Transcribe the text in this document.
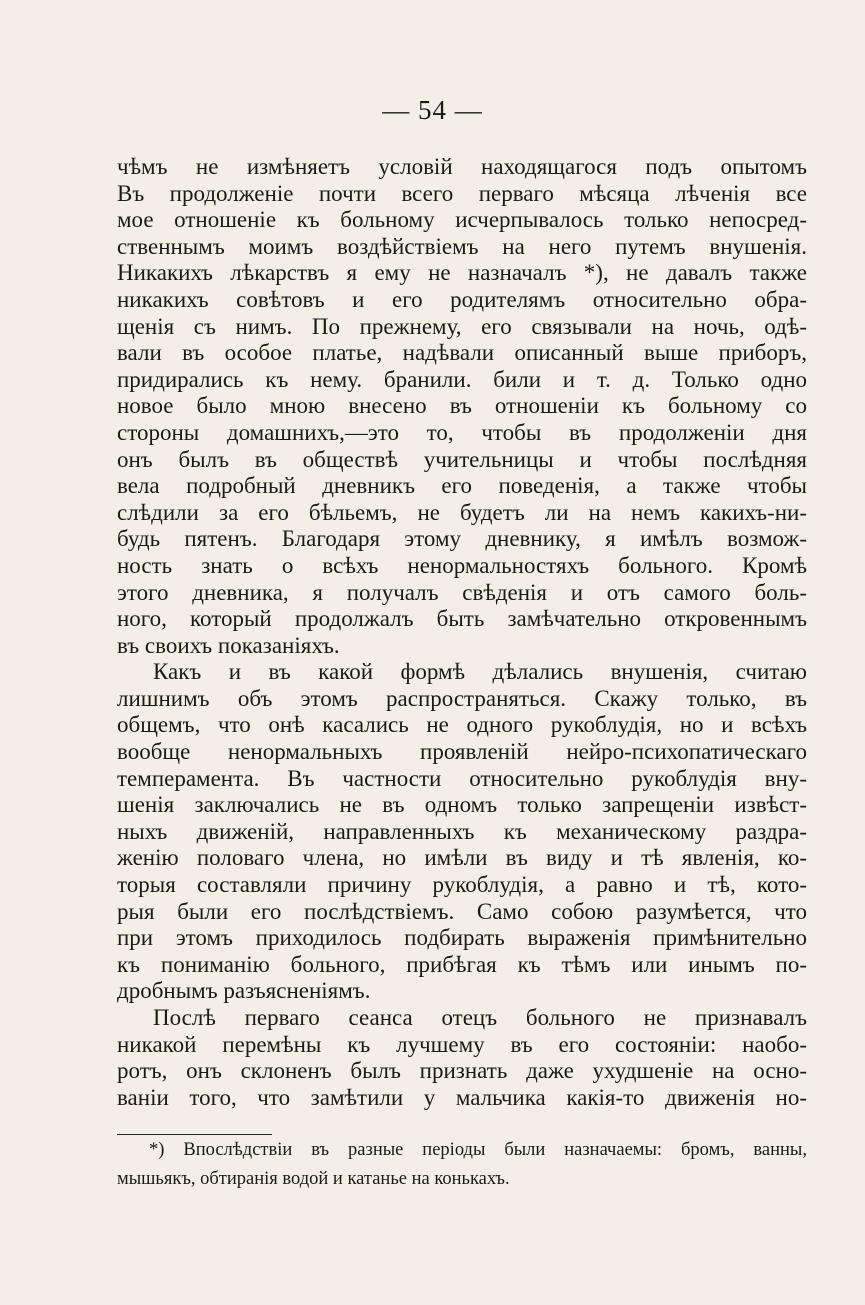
— 54 —
чѣмъ не измѣняетъ условій находящагося подъ опытомъ
Въ продолженіе почти всего перваго мѣсяца лѣченія все
мое отношеніе къ больному исчерпывалось только непосред-
ственнымъ моимъ воздѣйствіемъ на него путемъ внушенія.
Никакихъ лѣкарствъ я ему не назначалъ *), не давалъ также
никакихъ совѣтовъ и его родителямъ относительно обра-
щенія съ нимъ. По прежнему, его связывали на ночь, одѣ-
вали въ особое платье, надѣвали описанный выше приборъ,
придирались къ нему. бранили. били и т. д. Только одно
новое было мною внесено въ отношеніи къ больному со
стороны домашнихъ,—это то, чтобы въ продолженіи дня
онъ былъ въ обществѣ учительницы и чтобы послѣдняя
вела подробный дневникъ его поведенія, а также чтобы
слѣдили за его бѣльемъ, не будетъ ли на немъ какихъ-ни-
будь пятенъ. Благодаря этому дневнику, я имѣлъ возмож-
ность знать о всѣхъ ненормальностяхъ больного. Кромѣ
этого дневника, я получалъ свѣденія и отъ самого боль-
ного, который продолжалъ быть замѣчательно откровеннымъ
въ своихъ показаніяхъ.
Какъ и въ какой формѣ дѣлались внушенія, считаю
лишнимъ объ этомъ распространяться. Скажу только, въ
общемъ, что онѣ касались не одного рукоблудія, но и всѣхъ
вообще ненормальныхъ проявленій нейро-психопатическаго
темперамента. Въ частности относительно рукоблудія вну-
шенія заключались не въ одномъ только запрещеніи извѣст-
ныхъ движеній, направленныхъ къ механическому раздра-
женію половаго члена, но имѣли въ виду и тѣ явленія, ко-
торыя составляли причину рукоблудія, а равно и тѣ, кото-
рыя были его послѣдствіемъ. Само собою разумѣется, что
при этомъ приходилось подбирать выраженія примѣнительно
къ пониманію больного, прибѣгая къ тѣмъ или инымъ по-
дробнымъ разъясненіямъ.
Послѣ перваго сеанса отецъ больного не признавалъ
никакой перемѣны къ лучшему въ его состояніи: наобо-
ротъ, онъ склоненъ былъ признать даже ухудшеніе на осно-
ваніи того, что замѣтили у мальчика какія-то движенія но-
*) Впослѣдствіи въ разные періоды были назначаемы: бромъ, ванны,
мышьякъ, обтиранія водой и катанье на конькахъ.
